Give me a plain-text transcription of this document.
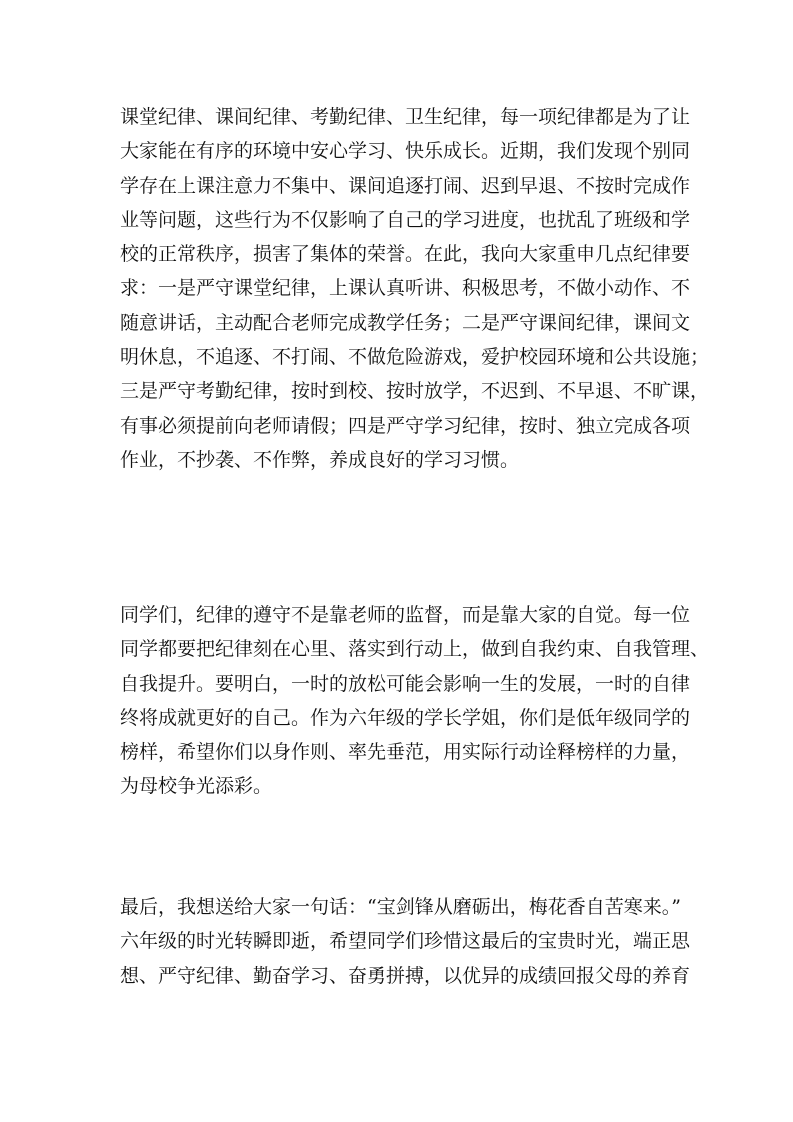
课堂纪律、课间纪律、考勤纪律、卫生纪律，每一项纪律都是为了让
大家能在有序的环境中安心学习、快乐成长。近期，我们发现个别同
学存在上课注意力不集中、课间追逐打闹、迟到早退、不按时完成作
业等问题，这些行为不仅影响了自己的学习进度，也扰乱了班级和学
校的正常秩序，损害了集体的荣誉。在此，我向大家重申几点纪律要
求：一是严守课堂纪律，上课认真听讲、积极思考，不做小动作、不
随意讲话，主动配合老师完成教学任务；二是严守课间纪律，课间文
明休息，不追逐、不打闹、不做危险游戏，爱护校园环境和公共设施；
三是严守考勤纪律，按时到校、按时放学，不迟到、不早退、不旷课，
有事必须提前向老师请假；四是严守学习纪律，按时、独立完成各项
作业，不抄袭、不作弊，养成良好的学习习惯。

同学们，纪律的遵守不是靠老师的监督，而是靠大家的自觉。每一位
同学都要把纪律刻在心里、落实到行动上，做到自我约束、自我管理、
自我提升。要明白，一时的放松可能会影响一生的发展，一时的自律
终将成就更好的自己。作为六年级的学长学姐，你们是低年级同学的
榜样，希望你们以身作则、率先垂范，用实际行动诠释榜样的力量，
为母校争光添彩。

最后，我想送给大家一句话：“宝剑锋从磨砺出，梅花香自苦寒来。”
六年级的时光转瞬即逝，希望同学们珍惜这最后的宝贵时光，端正思
想、严守纪律、勤奋学习、奋勇拼搏，以优异的成绩回报父母的养育
